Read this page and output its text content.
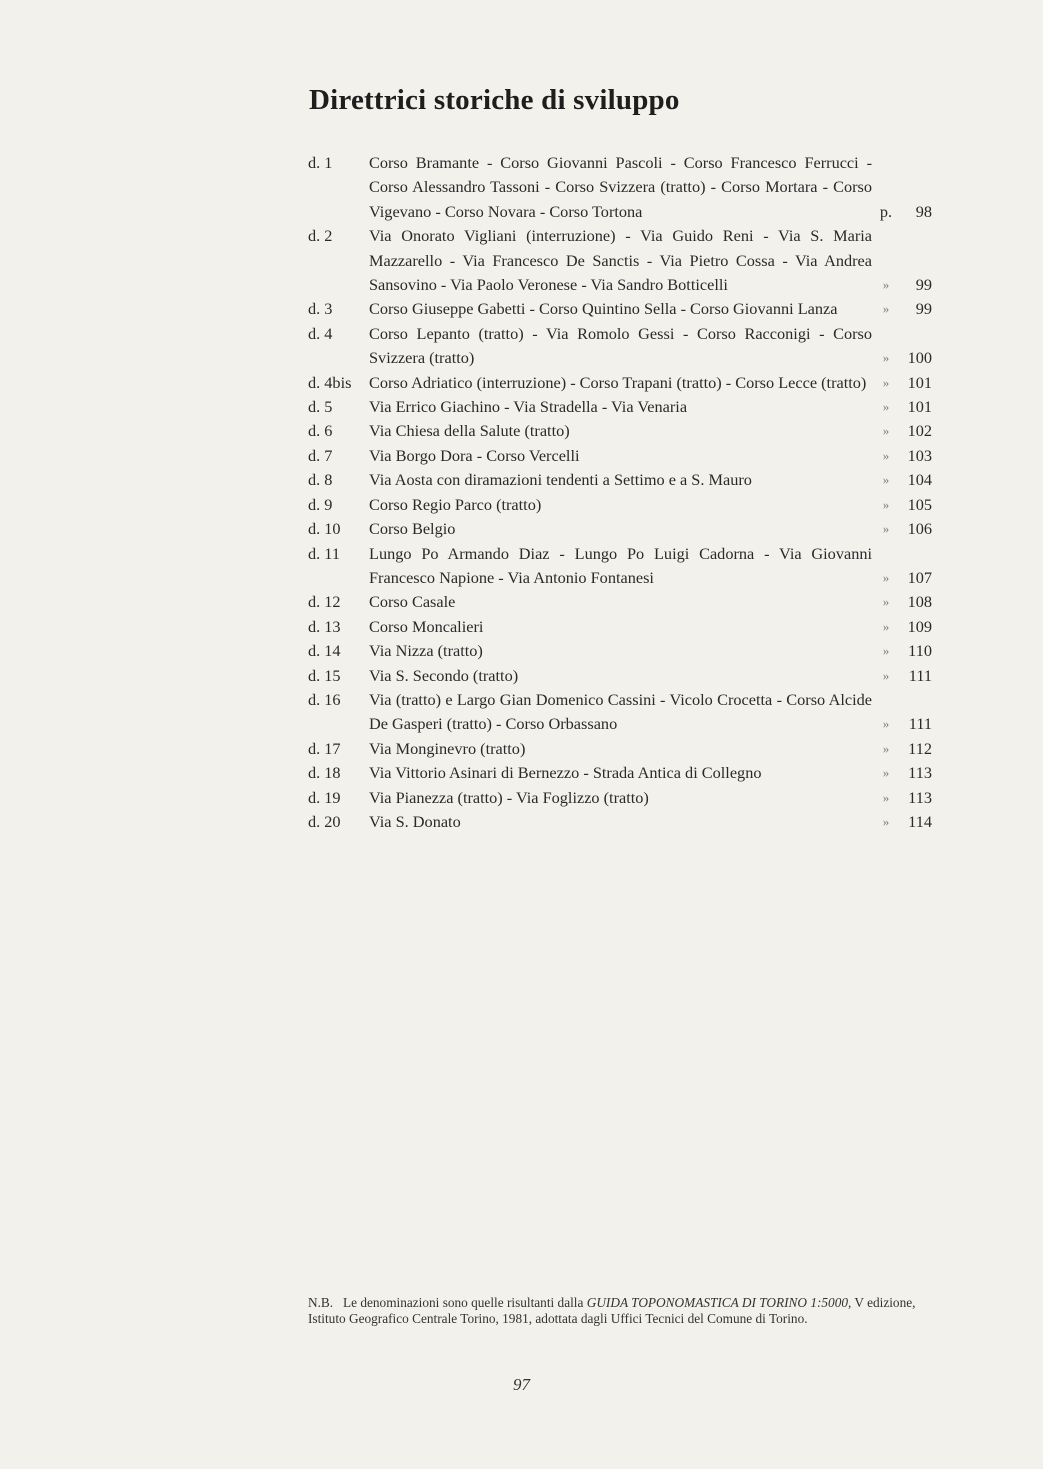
Direttrici storiche di sviluppo
d. 1	Corso Bramante - Corso Giovanni Pascoli - Corso Francesco Ferrucci - Corso Alessandro Tassoni - Corso Svizzera (tratto) - Corso Mortara - Corso Vigevano - Corso Novara - Corso Tortona	p.	98
d. 2	Via Onorato Vigliani (interruzione) - Via Guido Reni - Via S. Maria Mazzarello - Via Francesco De Sanctis - Via Pietro Cossa - Via Andrea Sansovino - Via Paolo Veronese - Via Sandro Botticelli	»	99
d. 3	Corso Giuseppe Gabetti - Corso Quintino Sella - Corso Giovanni Lanza	»	99
d. 4	Corso Lepanto (tratto) - Via Romolo Gessi - Corso Racconigi - Corso Svizzera (tratto)	»	100
d. 4bis	Corso Adriatico (interruzione) - Corso Trapani (tratto) - Corso Lecce (tratto)	»	101
d. 5	Via Errico Giachino - Via Stradella - Via Venaria	»	101
d. 6	Via Chiesa della Salute (tratto)	»	102
d. 7	Via Borgo Dora - Corso Vercelli	»	103
d. 8	Via Aosta con diramazioni tendenti a Settimo e a S. Mauro	»	104
d. 9	Corso Regio Parco (tratto)	»	105
d. 10	Corso Belgio	»	106
d. 11	Lungo Po Armando Diaz - Lungo Po Luigi Cadorna - Via Giovanni Francesco Napione - Via Antonio Fontanesi	»	107
d. 12	Corso Casale	»	108
d. 13	Corso Moncalieri	»	109
d. 14	Via Nizza (tratto)	»	110
d. 15	Via S. Secondo (tratto)	»	111
d. 16	Via (tratto) e Largo Gian Domenico Cassini - Vicolo Crocetta - Corso Alcide De Gasperi (tratto) - Corso Orbassano	»	111
d. 17	Via Monginevro (tratto)	»	112
d. 18	Via Vittorio Asinari di Bernezzo - Strada Antica di Collegno	»	113
d. 19	Via Pianezza (tratto) - Via Foglizzo (tratto)	»	113
d. 20	Via S. Donato	»	114
N.B. Le denominazioni sono quelle risultanti dalla GUIDA TOPONOMASTICA DI TORINO 1:5000, V edizione, Istituto Geografico Centrale Torino, 1981, adottata dagli Uffici Tecnici del Comune di Torino.
97
